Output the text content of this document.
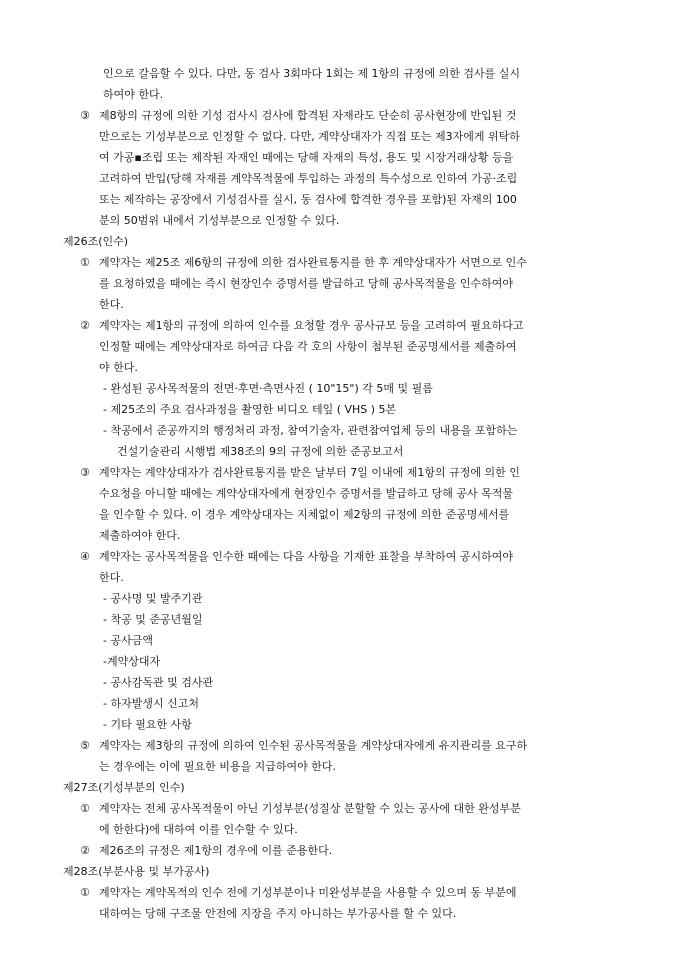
인으로 갈음할 수 있다. 다만, 동 검사 3회마다 1회는 제 1항의 규정에 의한 검사를 실시
하여야 한다.
③ 제8항의 규정에 의한 기성 검사시 검사에 합격된 자재라도 단순히 공사현장에 반입된 것
만으로는 기성부분으로 인정할 수 없다. 다만, 계약상대자가 직접 또는 제3자에게 위탁하
여 가공▪조립 또는 제작된 자재인 때에는 당해 자재의 특성, 용도 및 시장거래상황 등을
고려하여 반입(당해 자재를 계약목적물에 투입하는 과정의 특수성으로 인하여 가공·조립
또는 제작하는 공장에서 기성검사를 실시, 동 검사에 합격한 경우를 포함)된 자재의 100
분의 50범위 내에서 기성부분으로 인정할 수 있다.
제26조(인수)
① 계약자는 제25조 제6항의 규정에 의한 검사완료통지를 한 후 계약상대자가 서면으로 인수
를 요청하였을 때에는 즉시 현장인수 증명서를 발급하고 당해 공사목적물을 인수하여야
한다.
② 계약자는 제1항의 규정에 의하여 인수를 요청할 경우 공사규모 등을 고려하여 필요하다고
인정할 때에는 계약상대자로 하여금 다음 각 호의 사항이 첨부된 준공명세서를 제출하여
야 한다.
- 완성된 공사목적물의 전면·후면·측면사진 ( 10"15") 각 5매 및 필름
- 제25조의 주요 검사과정을 촬영한 비디오 테잎 ( VHS ) 5본
- 착공에서 준공까지의 행정처리 과정, 참여기술자, 관련참여업체 등의 내용을 포함하는
건설기술관리 시행법 제38조의 9의 규정에 의한 준공보고서
③ 계약자는 계약상대자가 검사완료통지를 받은 날부터 7일 이내에 제1항의 규정에 의한 인
수요청을 아니할 때에는 계약상대자에게 현장인수 증명서를 발급하고 당해 공사 목적물
을 인수할 수 있다. 이 경우 계약상대자는 지체없이 제2항의 규정에 의한 준공명세서를
제출하여야 한다.
④ 계약자는 공사목적물을 인수한 때에는 다음 사항을 기재한 표찰을 부착하여 공시하여야
한다.
- 공사명 및 발주기관
- 착공 및 준공년월일
- 공사금액
-계약상대자
- 공사감독관 및 검사관
- 하자발생시 신고처
- 기타 필요한 사항
⑤ 계약자는 제3항의 규정에 의하여 인수된 공사목적물을 계약상대자에게 유지관리를 요구하
는 경우에는 이에 필요한 비용을 지급하여야 한다.
제27조(기성부분의 인수)
① 계약자는 전체 공사목적물이 아닌 기성부분(성질상 분할할 수 있는 공사에 대한 완성부분
에 한한다)에 대하여 이를 인수할 수 있다.
② 제26조의 규정은 제1항의 경우에 이를 준용한다.
제28조(부분사용 및 부가공사)
① 계약자는 계약목적의 인수 전에 기성부분이나 미완성부분을 사용할 수 있으며 동 부분에
대하여는 당해 구조물 안전에 지장을 주지 아니하는 부가공사를 할 수 있다.
